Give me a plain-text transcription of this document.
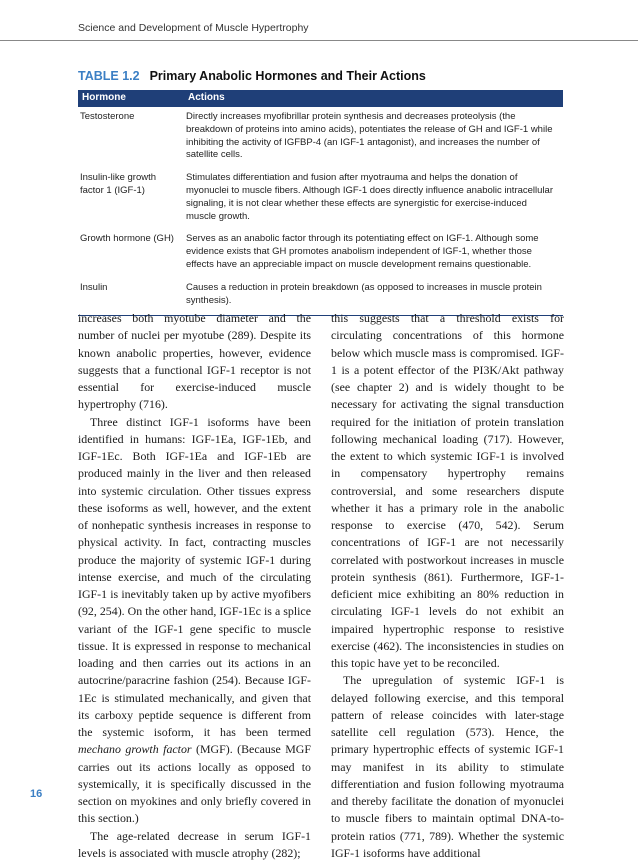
Science and Development of Muscle Hypertrophy
TABLE 1.2 Primary Anabolic Hormones and Their Actions
Hormone	Actions
Testosterone	Directly increases myofibrillar protein synthesis and decreases proteolysis (the breakdown of proteins into amino acids), potentiates the release of GH and IGF-1 while inhibiting the activity of IGFBP-4 (an IGF-1 antagonist), and increases the number of satellite cells.
Insulin-like growth factor 1 (IGF-1)	Stimulates differentiation and fusion after myotrauma and helps the donation of myonuclei to muscle fibers. Although IGF-1 does directly influence anabolic intracellular signaling, it is not clear whether these effects are synergistic for exercise-induced muscle growth.
Growth hormone (GH)	Serves as an anabolic factor through its potentiating effect on IGF-1. Although some evidence exists that GH promotes anabolism independent of IGF-1, whether those effects have an appreciable impact on muscle development remains questionable.
Insulin	Causes a reduction in protein breakdown (as opposed to increases in muscle protein synthesis).

increases both myotube diameter and the number of nuclei per myotube (289). Despite its known anabolic properties, however, evidence suggests that a functional IGF-1 receptor is not essential for exercise-induced muscle hypertrophy (716).

Three distinct IGF-1 isoforms have been identified in humans: IGF-1Ea, IGF-1Eb, and IGF-1Ec. Both IGF-1Ea and IGF-1Eb are produced mainly in the liver and then released into systemic circulation. Other tissues express these isoforms as well, however, and the extent of nonhepatic synthesis increases in response to physical activity. In fact, contracting muscles produce the majority of systemic IGF-1 during intense exercise, and much of the circulating IGF-1 is inevitably taken up by active myofibers (92, 254). On the other hand, IGF-1Ec is a splice variant of the IGF-1 gene specific to muscle tissue. It is expressed in response to mechanical loading and then carries out its actions in an autocrine/paracrine fashion (254). Because IGF-1Ec is stimulated mechanically, and given that its carboxy peptide sequence is different from the systemic isoform, it has been termed mechano growth factor (MGF). (Because MGF carries out its actions locally as opposed to systemically, it is specifically discussed in the section on myokines and only briefly covered in this section.)

The age-related decrease in serum IGF-1 levels is associated with muscle atrophy (282);

this suggests that a threshold exists for circulating concentrations of this hormone below which muscle mass is compromised. IGF-1 is a potent effector of the PI3K/Akt pathway (see chapter 2) and is widely thought to be necessary for activating the signal transduction required for the initiation of protein translation following mechanical loading (717). However, the extent to which systemic IGF-1 is involved in compensatory hypertrophy remains controversial, and some researchers dispute whether it has a primary role in the anabolic response to exercise (470, 542). Serum concentrations of IGF-1 are not necessarily correlated with postworkout increases in muscle protein synthesis (861). Furthermore, IGF-1-deficient mice exhibiting an 80% reduction in circulating IGF-1 levels do not exhibit an impaired hypertrophic response to resistive exercise (462). The inconsistencies in studies on this topic have yet to be reconciled.

The upregulation of systemic IGF-1 is delayed following exercise, and this temporal pattern of release coincides with later-stage satellite cell regulation (573). Hence, the primary hypertrophic effects of systemic IGF-1 may manifest in its ability to stimulate differentiation and fusion following myotrauma and thereby facilitate the donation of myonuclei to muscle fibers to maintain optimal DNA-to-protein ratios (771, 789). Whether the systemic IGF-1 isoforms have additional

16
